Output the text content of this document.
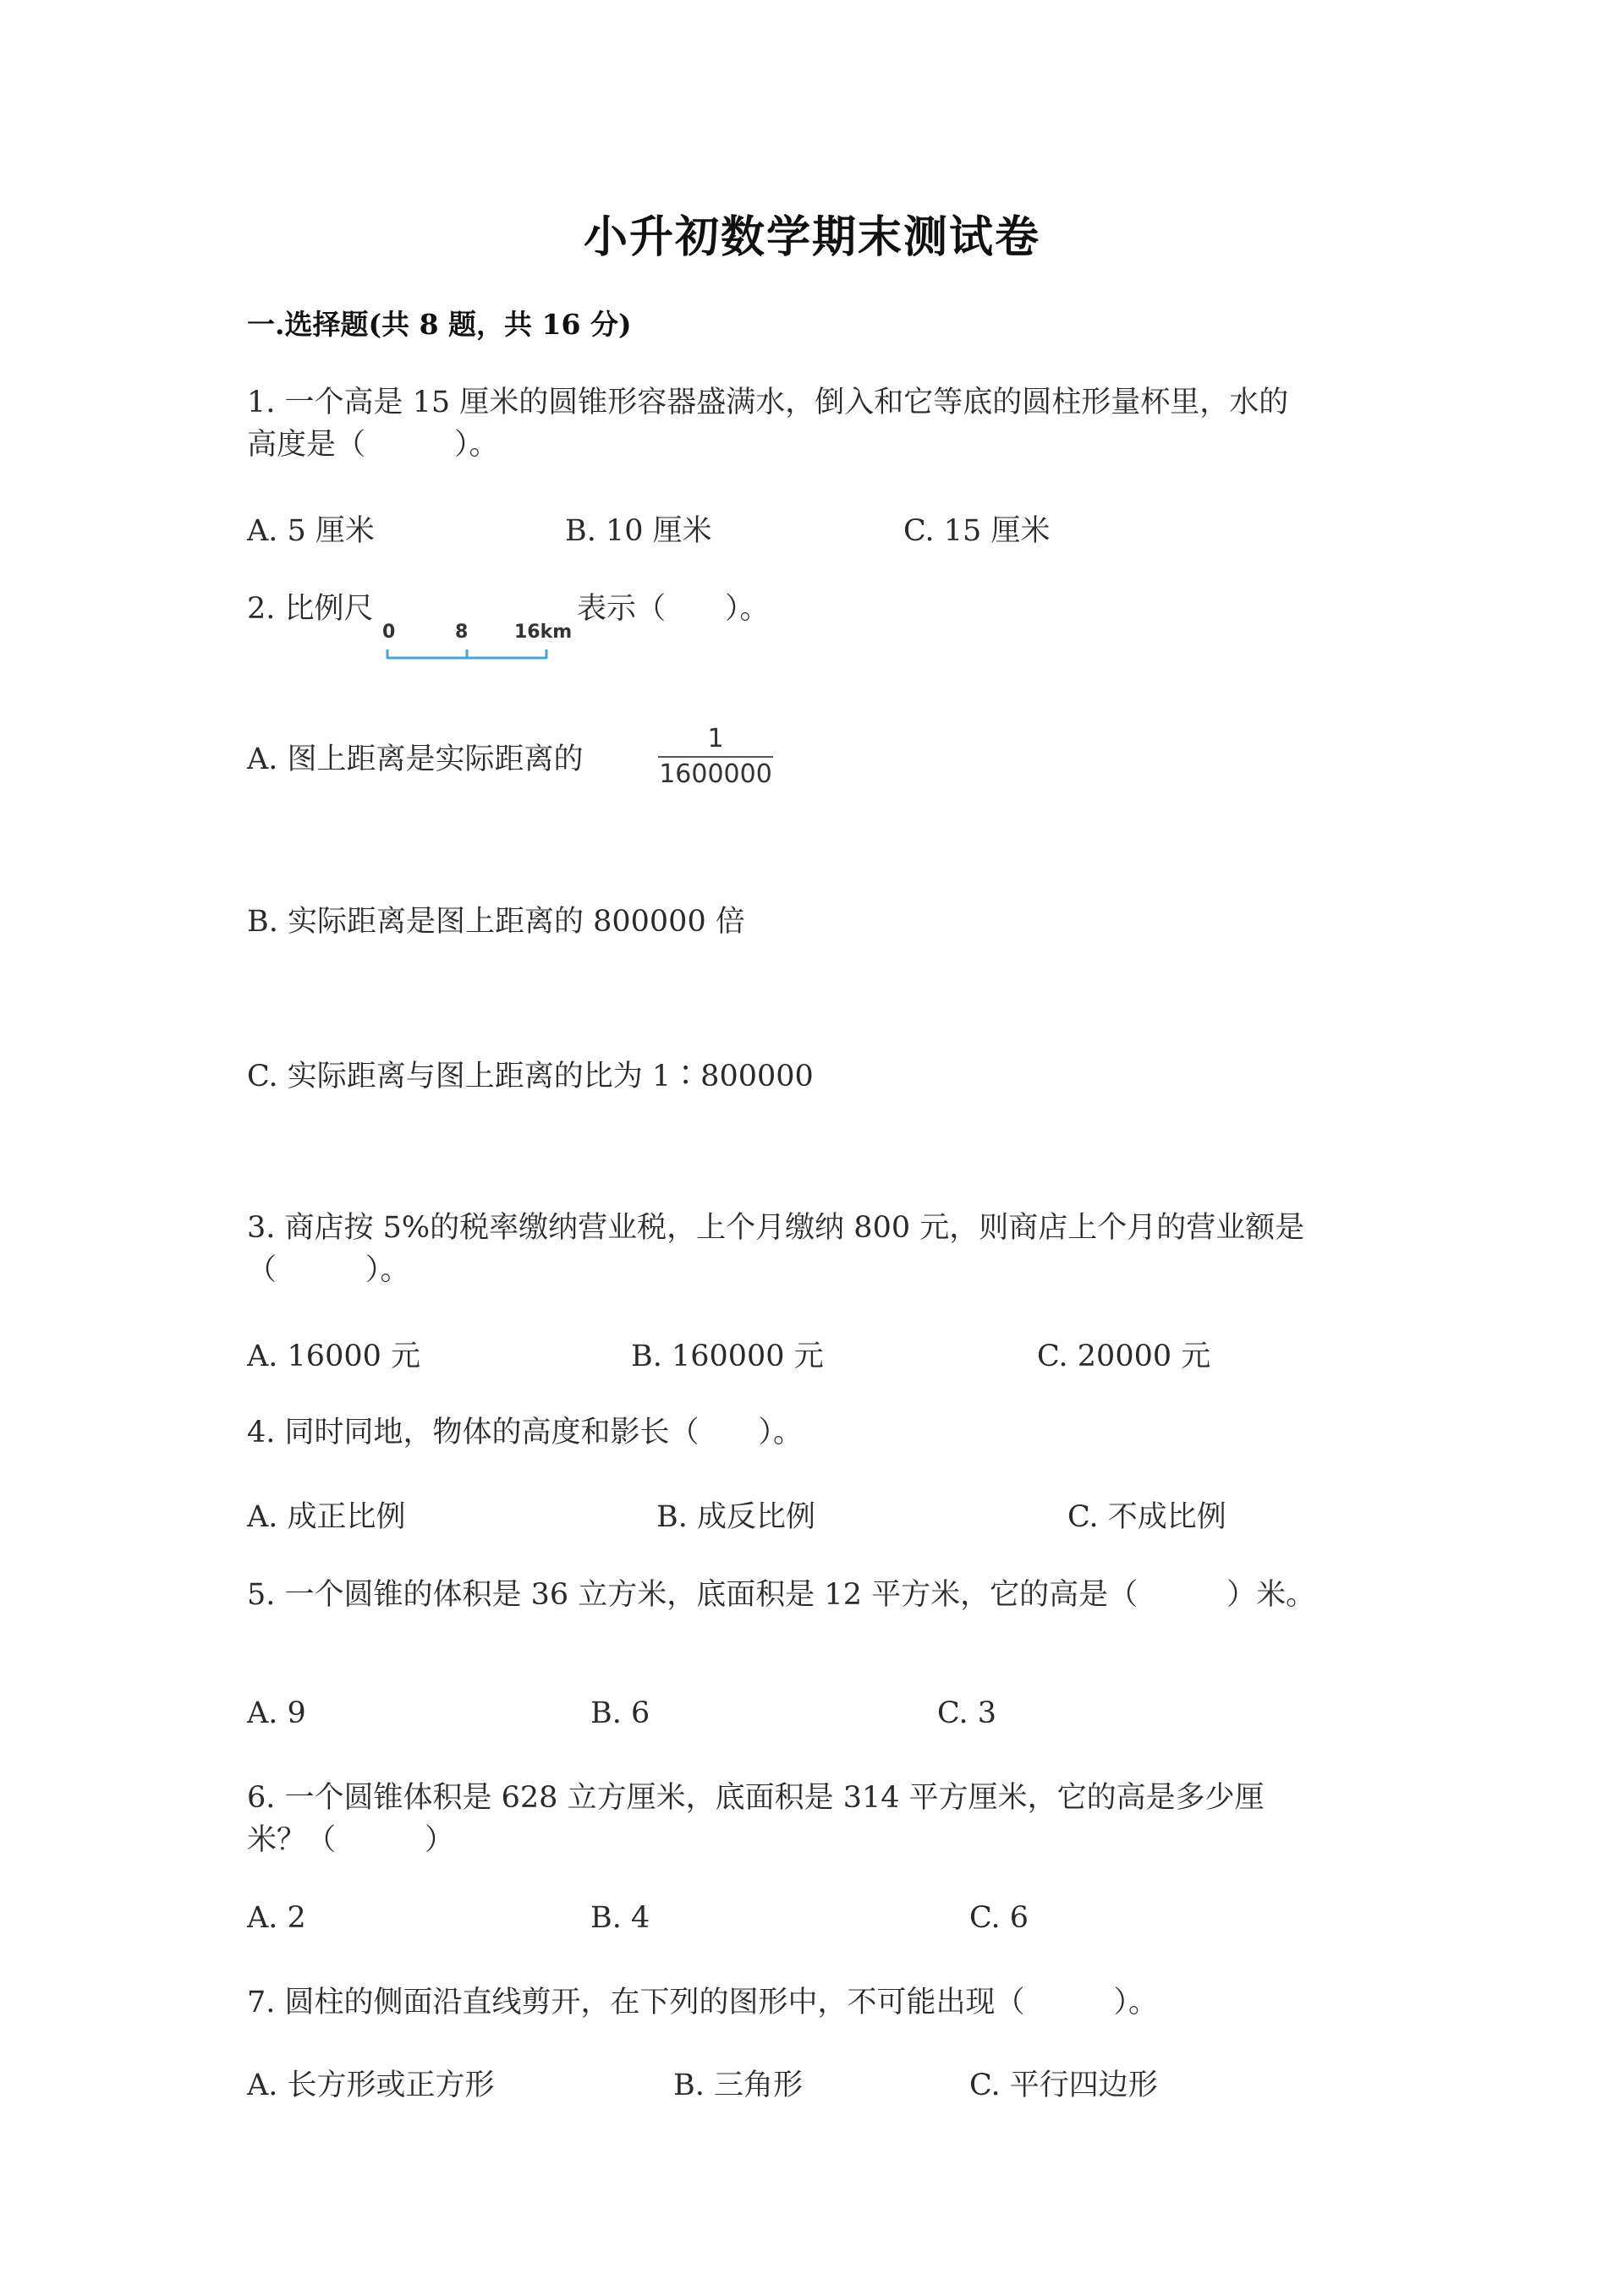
小升初数学期末测试卷
一.选择题(共 8 题，共 16 分)
1. 一个高是 15 厘米的圆锥形容器盛满水，倒入和它等底的圆柱形量杯里，水的
高度是（　　　）。
A. 5 厘米	B. 10 厘米	C. 15 厘米
2. 比例尺
0	8 16km
表示（　　）。
A. 图上距离是实际距离的
1
1600000
B. 实际距离是图上距离的 800000 倍
C. 实际距离与图上距离的比为 1∶800000
3. 商店按 5%的税率缴纳营业税，上个月缴纳 800 元，则商店上个月的营业额是
（　　　）。
A. 16000 元	B. 160000 元	C. 20000 元
4. 同时同地，物体的高度和影长（　　）。
A. 成正比例	B. 成反比例	C. 不成比例
5. 一个圆锥的体积是 36 立方米，底面积是 12 平方米，它的高是（　　　）米。
A. 9	B. 6	C. 3
6. 一个圆锥体积是 628 立方厘米，底面积是 314 平方厘米，它的高是多少厘
米？（　　　）
A. 2	B. 4	C. 6
7. 圆柱的侧面沿直线剪开，在下列的图形中，不可能出现（　　　）。
A. 长方形或正方形	B. 三角形	C. 平行四边形
